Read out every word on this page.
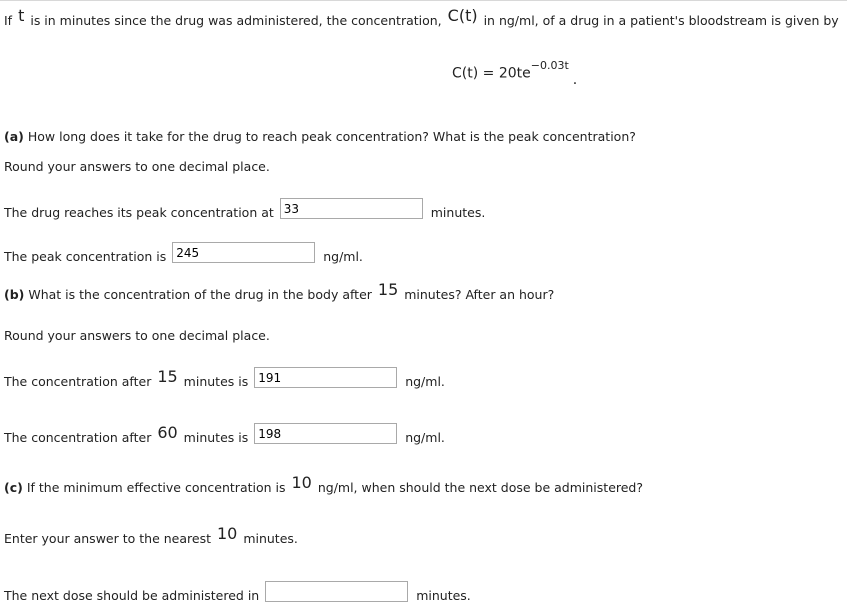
If t is in minutes since the drug was administered, the concentration, C(t) in ng/ml, of a drug in a patient's bloodstream is given by
$C(t) = 20te^{-0.03t}$.
(a) How long does it take for the drug to reach peak concentration? What is the peak concentration?
Round your answers to one decimal place.
The drug reaches its peak concentration at 33	minutes.
The peak concentration is 245	ng/ml.
(b) What is the concentration of the drug in the body after 15 minutes? After an hour?
Round your answers to one decimal place.
The concentration after 15 minutes is 191	ng/ml.
The concentration after 60 minutes is 198	ng/ml.
(c) If the minimum effective concentration is 10 ng/ml, when should the next dose be administered?
Enter your answer to the nearest 10 minutes.
The next dose should be administered in	minutes.
